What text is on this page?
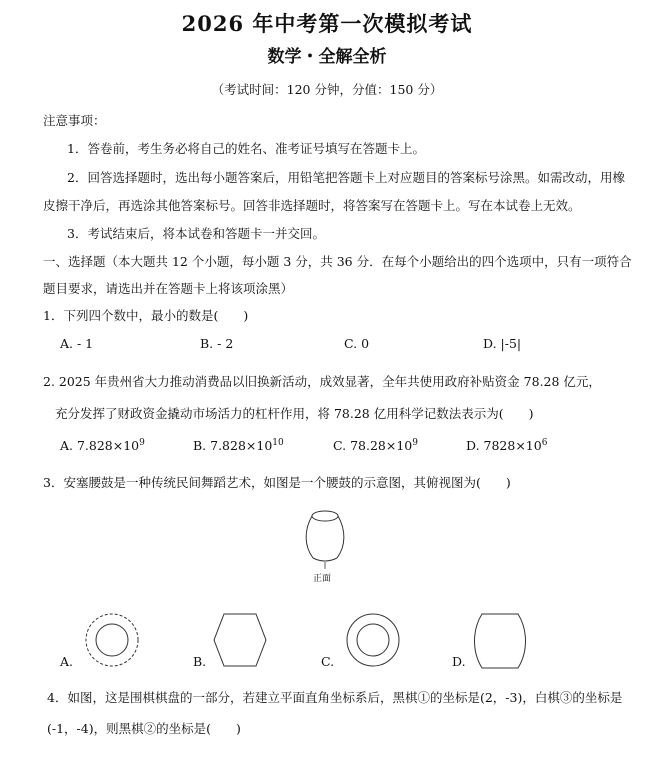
2026 年中考第一次模拟考试
数学・全解全析
（考试时间：120 分钟，分值：150 分）
注意事项：
1．答卷前，考生务必将自己的姓名、准考证号填写在答题卡上。
2．回答选择题时，选出每小题答案后，用铅笔把答题卡上对应题目的答案标号涂黑。如需改动，用橡
皮擦干净后，再选涂其他答案标号。回答非选择题时，将答案写在答题卡上。写在本试卷上无效。
3．考试结束后，将本试卷和答题卡一并交回。
一、选择题（本大题共 12 个小题，每小题 3 分，共 36 分．在每个小题给出的四个选项中，只有一项符合
题目要求，请选出并在答题卡上将该项涂黑）
1．下列四个数中，最小的数是(　　)
A. - 1	B. - 2	C. 0	D. |-5|
2. 2025 年贵州省大力推动消费品以旧换新活动，成效显著，全年共使用政府补贴资金 78.28 亿元，
充分发挥了财政资金撬动市场活力的杠杆作用，将 78.28 亿用科学记数法表示为(　　)
A. $7.828\times 10^9$	B. $7.828\times 10^{10}$	C. $78.28\times 10^9$	D. $7828\times 10^6$
3．安塞腰鼓是一种传统民间舞蹈艺术，如图是一个腰鼓的示意图，其俯视图为(　　)
正面
A.	B.	C.	D.
4．如图，这是围棋棋盘的一部分，若建立平面直角坐标系后，黑棋①的坐标是(2，-3)，白棋③的坐标是
(-1，-4)，则黑棋②的坐标是(　　)
